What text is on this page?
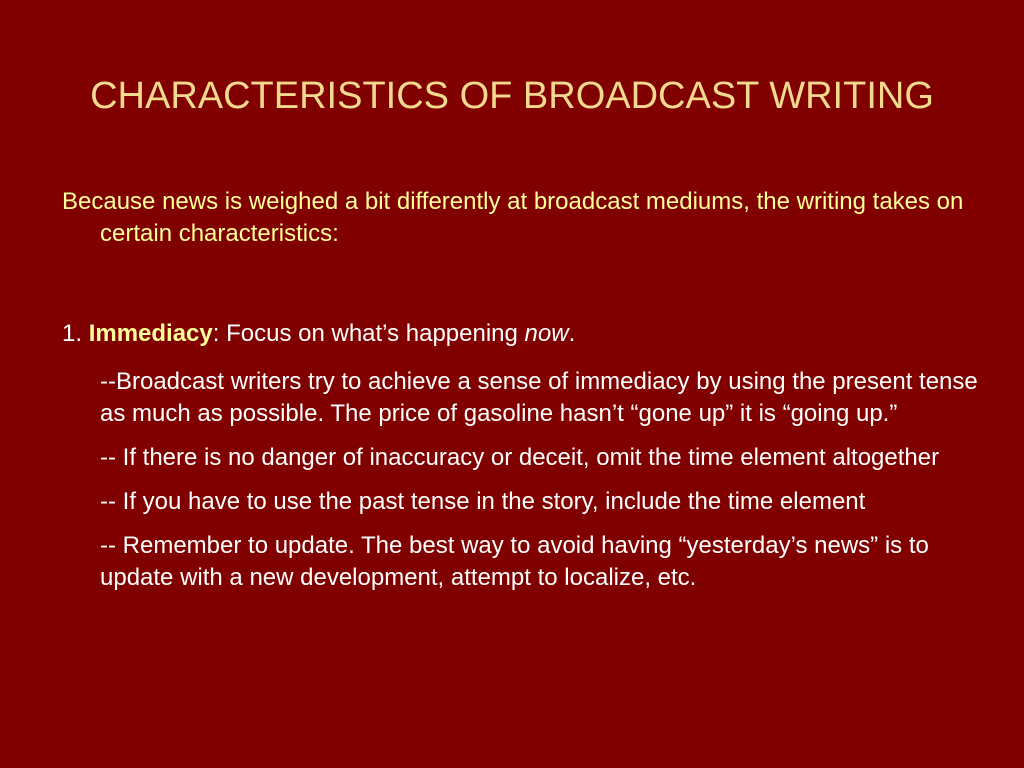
CHARACTERISTICS OF BROADCAST WRITING

Because news is weighed a bit differently at broadcast mediums, the writing takes on certain characteristics:

1. Immediacy: Focus on what’s happening now.

--Broadcast writers try to achieve a sense of immediacy by using the present tense as much as possible. The price of gasoline hasn’t “gone up” it is “going up.”
-- If there is no danger of inaccuracy or deceit, omit the time element altogether
-- If you have to use the past tense in the story, include the time element
-- Remember to update. The best way to avoid having “yesterday’s news” is to update with a new development, attempt to localize, etc.
